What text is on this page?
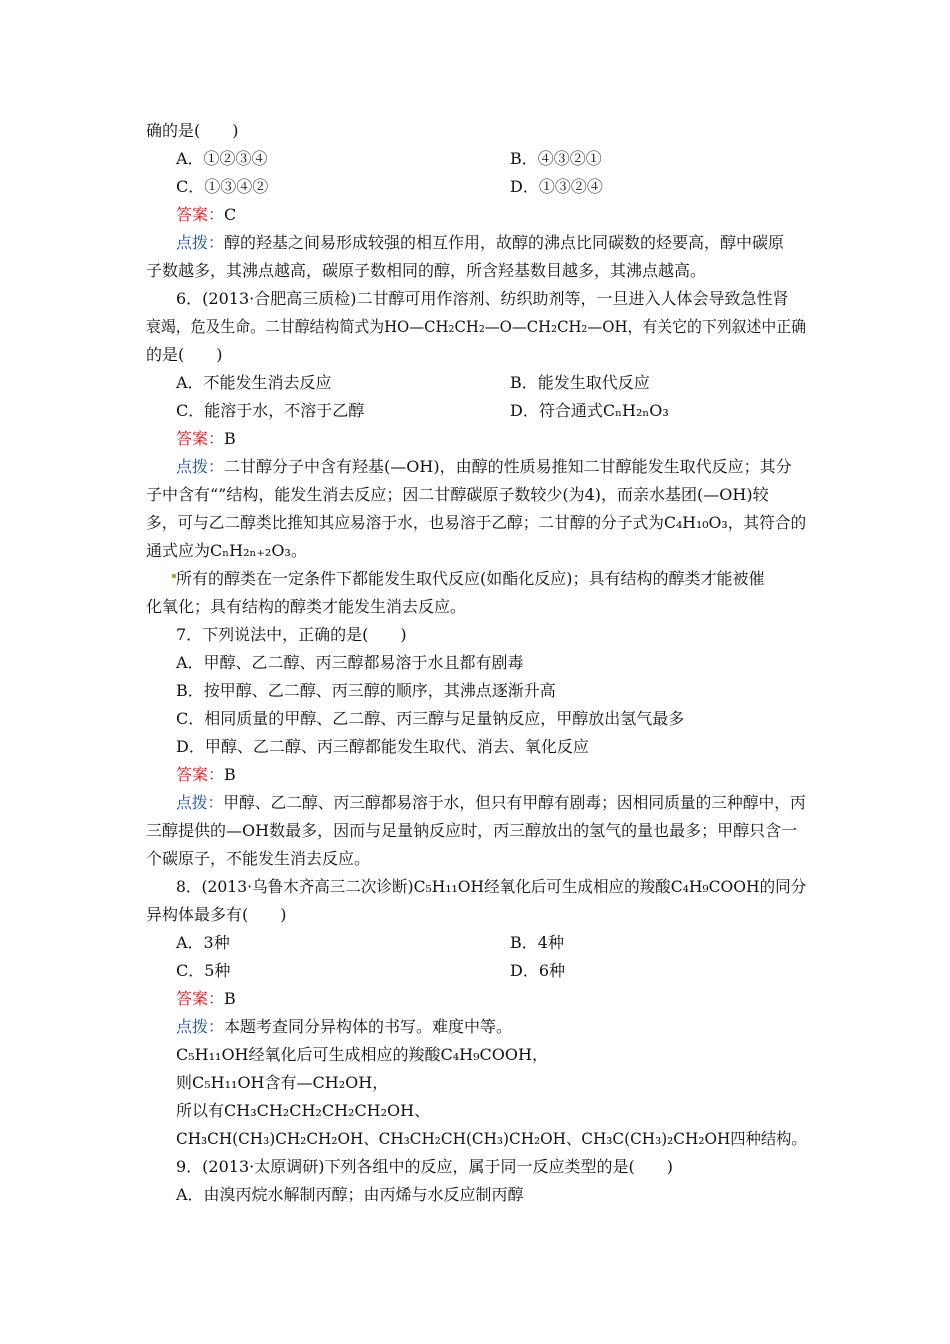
确的是(　　)
A．①②③④	B．④③②①
C．①③④②	D．①③②④
答案：C
点拨：醇的羟基之间易形成较强的相互作用，故醇的沸点比同碳数的烃要高，醇中碳原
子数越多，其沸点越高，碳原子数相同的醇，所含羟基数目越多，其沸点越高。
6．(2013·合肥高三质检)二甘醇可用作溶剂、纺织助剂等，一旦进入人体会导致急性肾
衰竭，危及生命。二甘醇结构简式为HO—CH₂CH₂—O—CH₂CH₂—OH，有关它的下列叙述中正确
的是(　　)
A．不能发生消去反应	B．能发生取代反应
C．能溶于水，不溶于乙醇	D．符合通式CₙH₂ₙO₃
答案：B
点拨：二甘醇分子中含有羟基(—OH)，由醇的性质易推知二甘醇能发生取代反应；其分
子中含有“”结构，能发生消去反应；因二甘醇碳原子数较少(为4)，而亲水基团(—OH)较
多，可与乙二醇类比推知其应易溶于水，也易溶于乙醇；二甘醇的分子式为C₄H₁₀O₃，其符合的
通式应为CₙH₂ₙ₊₂O₃。
所有的醇类在一定条件下都能发生取代反应(如酯化反应)；具有结构的醇类才能被催
化氧化；具有结构的醇类才能发生消去反应。
7．下列说法中，正确的是(　　)
A．甲醇、乙二醇、丙三醇都易溶于水且都有剧毒
B．按甲醇、乙二醇、丙三醇的顺序，其沸点逐渐升高
C．相同质量的甲醇、乙二醇、丙三醇与足量钠反应，甲醇放出氢气最多
D．甲醇、乙二醇、丙三醇都能发生取代、消去、氧化反应
答案：B
点拨：甲醇、乙二醇、丙三醇都易溶于水，但只有甲醇有剧毒；因相同质量的三种醇中，丙
三醇提供的—OH数最多，因而与足量钠反应时，丙三醇放出的氢气的量也最多；甲醇只含一
个碳原子，不能发生消去反应。
8．(2013·乌鲁木齐高三二次诊断)C₅H₁₁OH经氧化后可生成相应的羧酸C₄H₉COOH的同分
异构体最多有(　　)
A．3种	B．4种
C．5种	D．6种
答案：B
点拨：本题考查同分异构体的书写。难度中等。
C₅H₁₁OH经氧化后可生成相应的羧酸C₄H₉COOH，
则C₅H₁₁OH含有—CH₂OH，
所以有CH₃CH₂CH₂CH₂CH₂OH、
CH₃CH(CH₃)CH₂CH₂OH、CH₃CH₂CH(CH₃)CH₂OH、CH₃C(CH₃)₂CH₂OH四种结构。
9．(2013·太原调研)下列各组中的反应，属于同一反应类型的是(　　)
A．由溴丙烷水解制丙醇；由丙烯与水反应制丙醇
